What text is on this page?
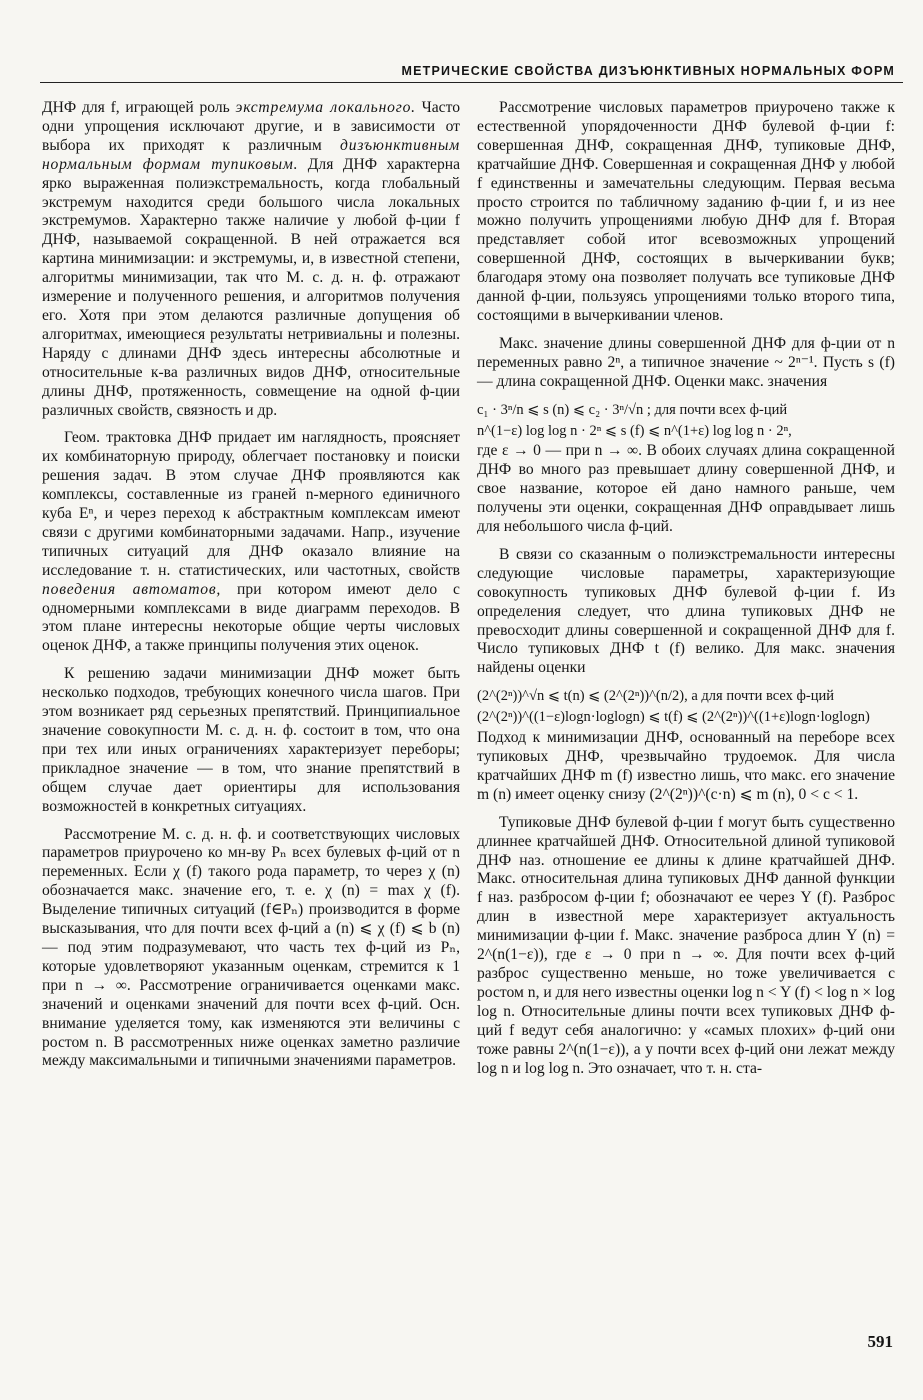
МЕТРИЧЕСКИЕ СВОЙСТВА ДИЗЪЮНКТИВНЫХ НОРМАЛЬНЫХ ФОРМ

ДНФ для f, играющей роль экстремума локального. Часто одни упрощения исключают другие, и в зависимости от выбора их приходят к различным дизъюнктивным нормальным формам тупиковым. Для ДНФ характерна ярко выраженная полиэкстремальность, когда глобальный экстремум находится среди большого числа локальных экстремумов. Характерно также наличие у любой ф-ции f ДНФ, называемой сокращенной. В ней отражается вся картина минимизации: и экстремумы, и, в известной степени, алгоритмы минимизации, так что М. с. д. н. ф. отражают измерение и полученного решения, и алгоритмов получения его. Хотя при этом делаются различные допущения об алгоритмах, имеющиеся результаты нетривиальны и полезны. Наряду с длинами ДНФ здесь интересны абсолютные и относительные к-ва различных видов ДНФ, относительные длины ДНФ, протяженность, совмещение на одной ф-ции различных свойств, связность и др.

Геом. трактовка ДНФ придает им наглядность, проясняет их комбинаторную природу, облегчает постановку и поиски решения задач. В этом случае ДНФ проявляются как комплексы, составленные из граней n-мерного единичного куба Eⁿ, и через переход к абстрактным комплексам имеют связи с другими комбинаторными задачами. Напр., изучение типичных ситуаций для ДНФ оказало влияние на исследование т. н. статистических, или частотных, свойств поведения автоматов, при котором имеют дело с одномерными комплексами в виде диаграмм переходов. В этом плане интересны некоторые общие черты числовых оценок ДНФ, а также принципы получения этих оценок.

К решению задачи минимизации ДНФ может быть несколько подходов, требующих конечного числа шагов. При этом возникает ряд серьезных препятствий. Принципиальное значение совокупности М. с. д. н. ф. состоит в том, что она при тех или иных ограничениях характеризует переборы; прикладное значение — в том, что знание препятствий в общем случае дает ориентиры для использования возможностей в конкретных ситуациях.

Рассмотрение М. с. д. н. ф. и соответствующих числовых параметров приурочено ко мн-ву Pₙ всех булевых ф-ций от n переменных. Если χ (f) такого рода параметр, то через χ (n) обозначается макс. значение его, т. е. χ (n) = max χ (f). Выделение типичных ситуаций (f∈Pₙ) производится в форме высказывания, что для почти всех ф-ций a (n) ⩽ χ (f) ⩽ b (n) — под этим подразумевают, что часть тех ф-ций из Pₙ, которые удовлетворяют указанным оценкам, стремится к 1 при n → ∞. Рассмотрение ограничивается оценками макс. значений и оценками значений для почти всех ф-ций. Осн. внимание уделяется тому, как изменяются эти величины с ростом n. В рассмотренных ниже оценках заметно различие между максимальными и типичными значениями параметров.

Рассмотрение числовых параметров приурочено также к естественной упорядоченности ДНФ булевой ф-ции f: совершенная ДНФ, сокращенная ДНФ, тупиковые ДНФ, кратчайшие ДНФ. Совершенная и сокращенная ДНФ у любой f единственны и замечательны следующим. Первая весьма просто строится по табличному заданию ф-ции f, и из нее можно получить упрощениями любую ДНФ для f. Вторая представляет собой итог всевозможных упрощений совершенной ДНФ, состоящих в вычеркивании букв; благодаря этому она позволяет получать все тупиковые ДНФ данной ф-ции, пользуясь упрощениями только второго типа, состоящими в вычеркивании членов.

Макс. значение длины совершенной ДНФ для ф-ции от n переменных равно 2ⁿ, а типичное значение ~ 2ⁿ⁻¹. Пусть s (f) — длина сокращенной ДНФ. Оценки макс. значения

c₁ · 3ⁿ/n ⩽ s (n) ⩽ c₂ · 3ⁿ/√n ; для почти всех ф-ций
n^(1−ε) log log n · 2ⁿ ⩽ s (f) ⩽ n^(1+ε) log log n · 2ⁿ,

где ε → 0 — при n → ∞. В обоих случаях длина сокращенной ДНФ во много раз превышает длину совершенной ДНФ, и свое название, которое ей дано намного раньше, чем получены эти оценки, сокращенная ДНФ оправдывает лишь для небольшого числа ф-ций.

В связи со сказанным о полиэкстремальности интересны следующие числовые параметры, характеризующие совокупность тупиковых ДНФ булевой ф-ции f. Из определения следует, что длина тупиковых ДНФ не превосходит длины совершенной и сокращенной ДНФ для f. Число тупиковых ДНФ t (f) велико. Для макс. значения найдены оценки

(2^(2ⁿ))^√n ⩽ t(n) ⩽ (2^(2ⁿ))^(n/2), а для почти всех ф-ций
(2^(2ⁿ))^((1−ε)logn·loglogn) ⩽ t(f) ⩽ (2^(2ⁿ))^((1+ε)logn·loglogn)

Подход к минимизации ДНФ, основанный на переборе всех тупиковых ДНФ, чрезвычайно трудоемок. Для числа кратчайших ДНФ m (f) известно лишь, что макс. его значение m (n) имеет оценку снизу (2^(2ⁿ))^(c·n) ⩽ m (n), 0 < c < 1.

Тупиковые ДНФ булевой ф-ции f могут быть существенно длиннее кратчайшей ДНФ. Относительной длиной тупиковой ДНФ наз. отношение ее длины к длине кратчайшей ДНФ. Макс. относительная длина тупиковых ДНФ данной функции f наз. разбросом ф-ции f; обозначают ее через Y (f). Разброс длин в известной мере характеризует актуальность минимизации ф-ции f. Макс. значение разброса длин Y (n) = 2^(n(1−ε)), где ε → 0 при n → ∞. Для почти всех ф-ций разброс существенно меньше, но тоже увеличивается с ростом n, и для него известны оценки log n < Y (f) < log n × log log n. Относительные длины почти всех тупиковых ДНФ ф-ций f ведут себя аналогично: у «самых плохих» ф-ций они тоже равны 2^(n(1−ε)), а у почти всех ф-ций они лежат между log n и log log n. Это означает, что т. н. ста-

591
